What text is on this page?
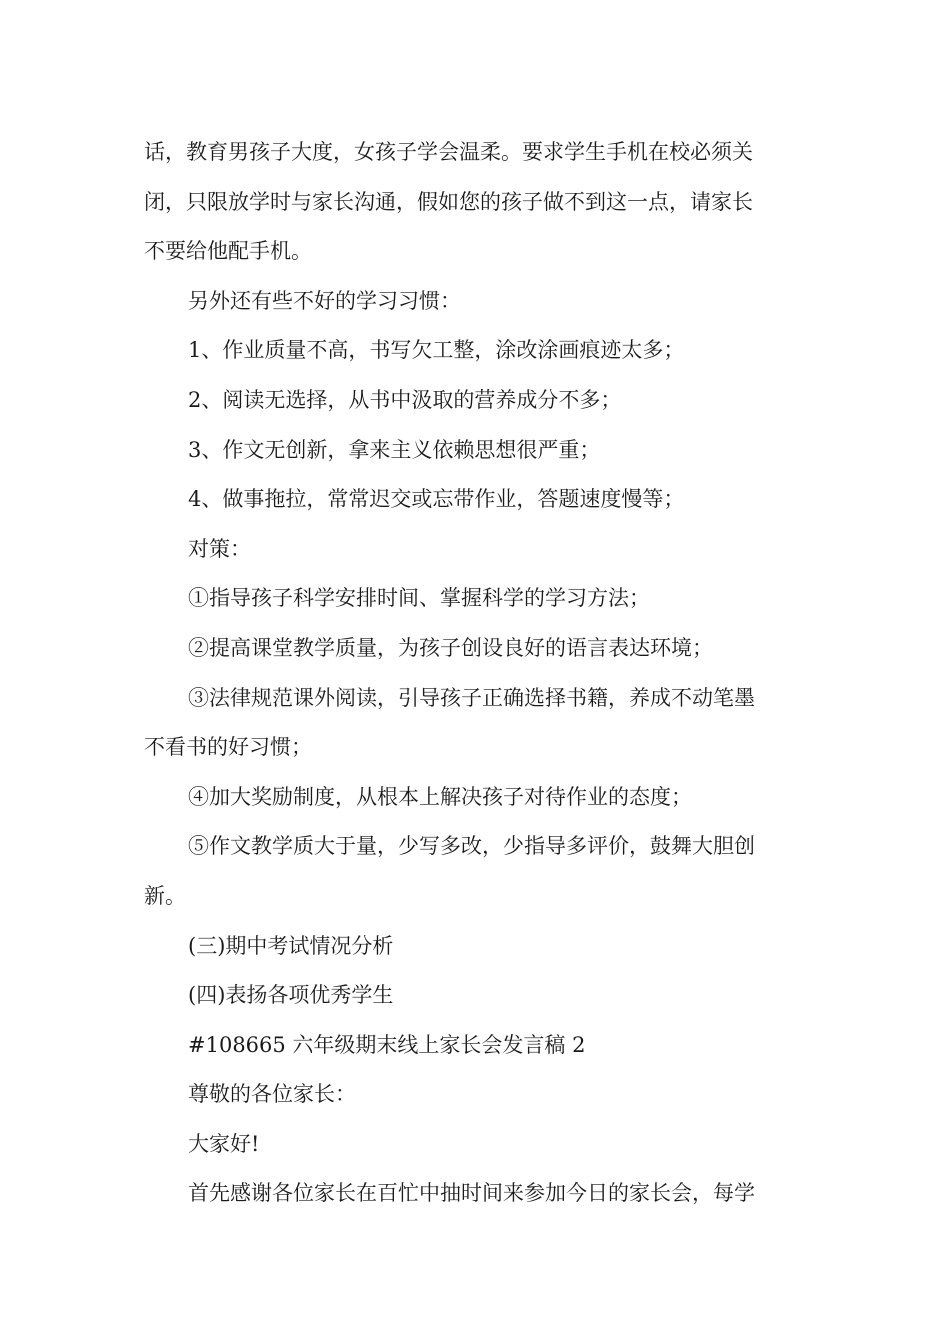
话，教育男孩子大度，女孩子学会温柔。要求学生手机在校必须关
闭，只限放学时与家长沟通，假如您的孩子做不到这一点，请家长
不要给他配手机。
另外还有些不好的学习习惯：
1、作业质量不高，书写欠工整，涂改涂画痕迹太多；
2、阅读无选择，从书中汲取的营养成分不多；
3、作文无创新，拿来主义依赖思想很严重；
4、做事拖拉，常常迟交或忘带作业，答题速度慢等；
对策：
①指导孩子科学安排时间、掌握科学的学习方法；
②提高课堂教学质量，为孩子创设良好的语言表达环境；
③法律规范课外阅读，引导孩子正确选择书籍，养成不动笔墨
不看书的好习惯；
④加大奖励制度，从根本上解决孩子对待作业的态度；
⑤作文教学质大于量，少写多改，少指导多评价，鼓舞大胆创
新。
(三)期中考试情况分析
(四)表扬各项优秀学生
#108665 六年级期末线上家长会发言稿 2
尊敬的各位家长：
大家好!
首先感谢各位家长在百忙中抽时间来参加今日的家长会，每学
